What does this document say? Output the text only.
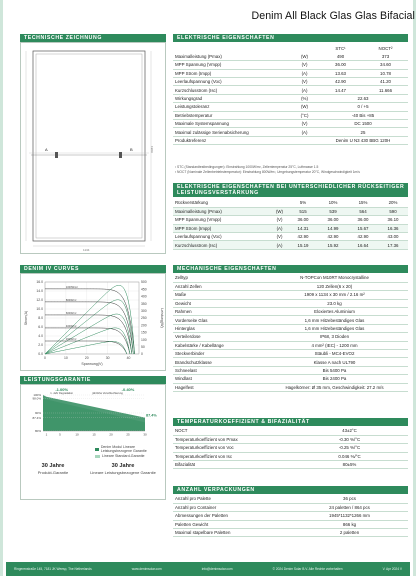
Denim All Black Glas Glas Bifacial
TECHNISCHE ZEICHNUNG
1909
1134
A	B
DENIM IV CURVES
0.0
2.0
4.0
6.0
8.0
10.0
12.0
14.0
16.0
0
50
100
150
200
250
300
350
400
450
500
0	10	20	30	40
Spannung(V)
Strom(A)	Leistung(W)
1000W/m²
800W/m²
600W/m²
400W/m²
200W/m²
LEISTUNGSGARANTIE
100%
98.0%
90%
87.4%
80%
1	5	10	15	20	25	30
-1.00%
1. Jahr Degradation
-0.40%
jährliche Verschlechterung
87.4%
Denim Modul Lineare Leistungsbezogene Garantie
Lineare Standard-Garantie
30 Jahre
Produkt-Garantie
30 Jahre
Lineare Leistungsbezogene Garantie
ELEKTRISCHE EIGENSCHAFTEN
		STC¹	NOCT²
Maximalleistung (Pmax)	(W)	490	373
MPP Spannung (Vmpp)	(V)	36.00	34.60
MPP Strom (Impp)	(A)	13.63	10.78
Leerlaufspannung (Voc)	(V)	42.90	41.20
Kurzschlusstrom (Isc)	(A)	14.47	11.666
Wirkungsgrad	(%)	22.63	
Leistungstoleranz	(W)	0 / +5	
Betriebstemperatur	(°C)	-40 Bis +85	
Maximale Systemspannung	(V)	DC 1500	
Maximal zulässige Serienabsicherung	(A)	25	
Produktreferenz		Denim U N3 430 BBG 120H	
¹ STC (Standardtestbedingungen): Einstrahlung 1000W/m², Zellentemperatur 25°C, Luftmasse 1.5
² NOCT (Nominale Zellenbetriebstemperatur): Einstrahlung 800W/m², Umgebungstemperatur 20°C, Windgeschwindigkeit 1m/s
ELEKTRISCHE EIGENSCHAFTEN BEI UNTERSCHIEDLICHER RÜCKSEITIGER LEISTUNGSVERSTÄRKUNG
Rückverstärkung		5%	10%	15%	20%
Maximalleistung (Pmax)	(W)	515	539	564	590
MPP Spannung (Vmpp)	(V)	36.00	36.00	36.00	36.10
MPP Strom (Impp)	(A)	14.31	14.99	15.67	16.36
Leerlaufspannung (Voc)	(V)	42.90	42.90	42.90	43.00
Kurzschlusstrom (Isc)	(A)	15.19	15.92	16.64	17.36
MECHANISCHE EIGENSCHAFTEN
Zelltyp	N-TOPCon M10RT Monocrystalline
Anzahl Zellen	120 Zellen(6 x 20)
Maße	1909 x 1134 x 30 mm / 2.16 m²
Gewicht	23.0 kg
Rahmen	Eloxiertes Aluminium
Vorderseite Glas	1,6 mm Hitzebeständiges Glas
Hinterglas	1,6 mm Hitzebeständiges Glas
Verteilerdose	IP68, 3 Dioden
Kabelstärke / Kabellänge	4 mm² (IEC) - 1200 mm
Steckverbinder	Stäubli - MC4-EVO2
Brandschutzklasse	Klasse A nach UL790
Schneelast	Bis 5400 Pa
Windlast	Bis 2400 Pa
Hagelfest	Hagelkörner: Ø 35 mm, Geschwindigkeit: 27.2 m/s
TEMPERATURKOEFFIZIENT & BIFAZIALITÄT
NOCT	43±2°C
Temperaturkoeffizient von Pmax	-0.30 %/°C
Temperaturkoeffizient von Voc	-0.25 %/°C
Temperaturkoeffizient von Isc	0.046 %/°C
Bifazialität	80±5%
ANZAHL VERPACKUNGEN
Anzahl pro Palette	36 pcs
Anzahl pro Container	24 paletten / 864 pcs
Abmessungen der Paletten	1945*1132*1266 mm
Paletten Gewicht	866 kg
Maximal stapelbare Paletten	2 paletten
Ringerenstraße 145, 7181 JK Weesp, The Netherlands	www.denimsolar.com	info@denimsolar.com	© 2024 Denim Solar B.V. Alle Rechte vorbehalten	V. Apr 2024 V
